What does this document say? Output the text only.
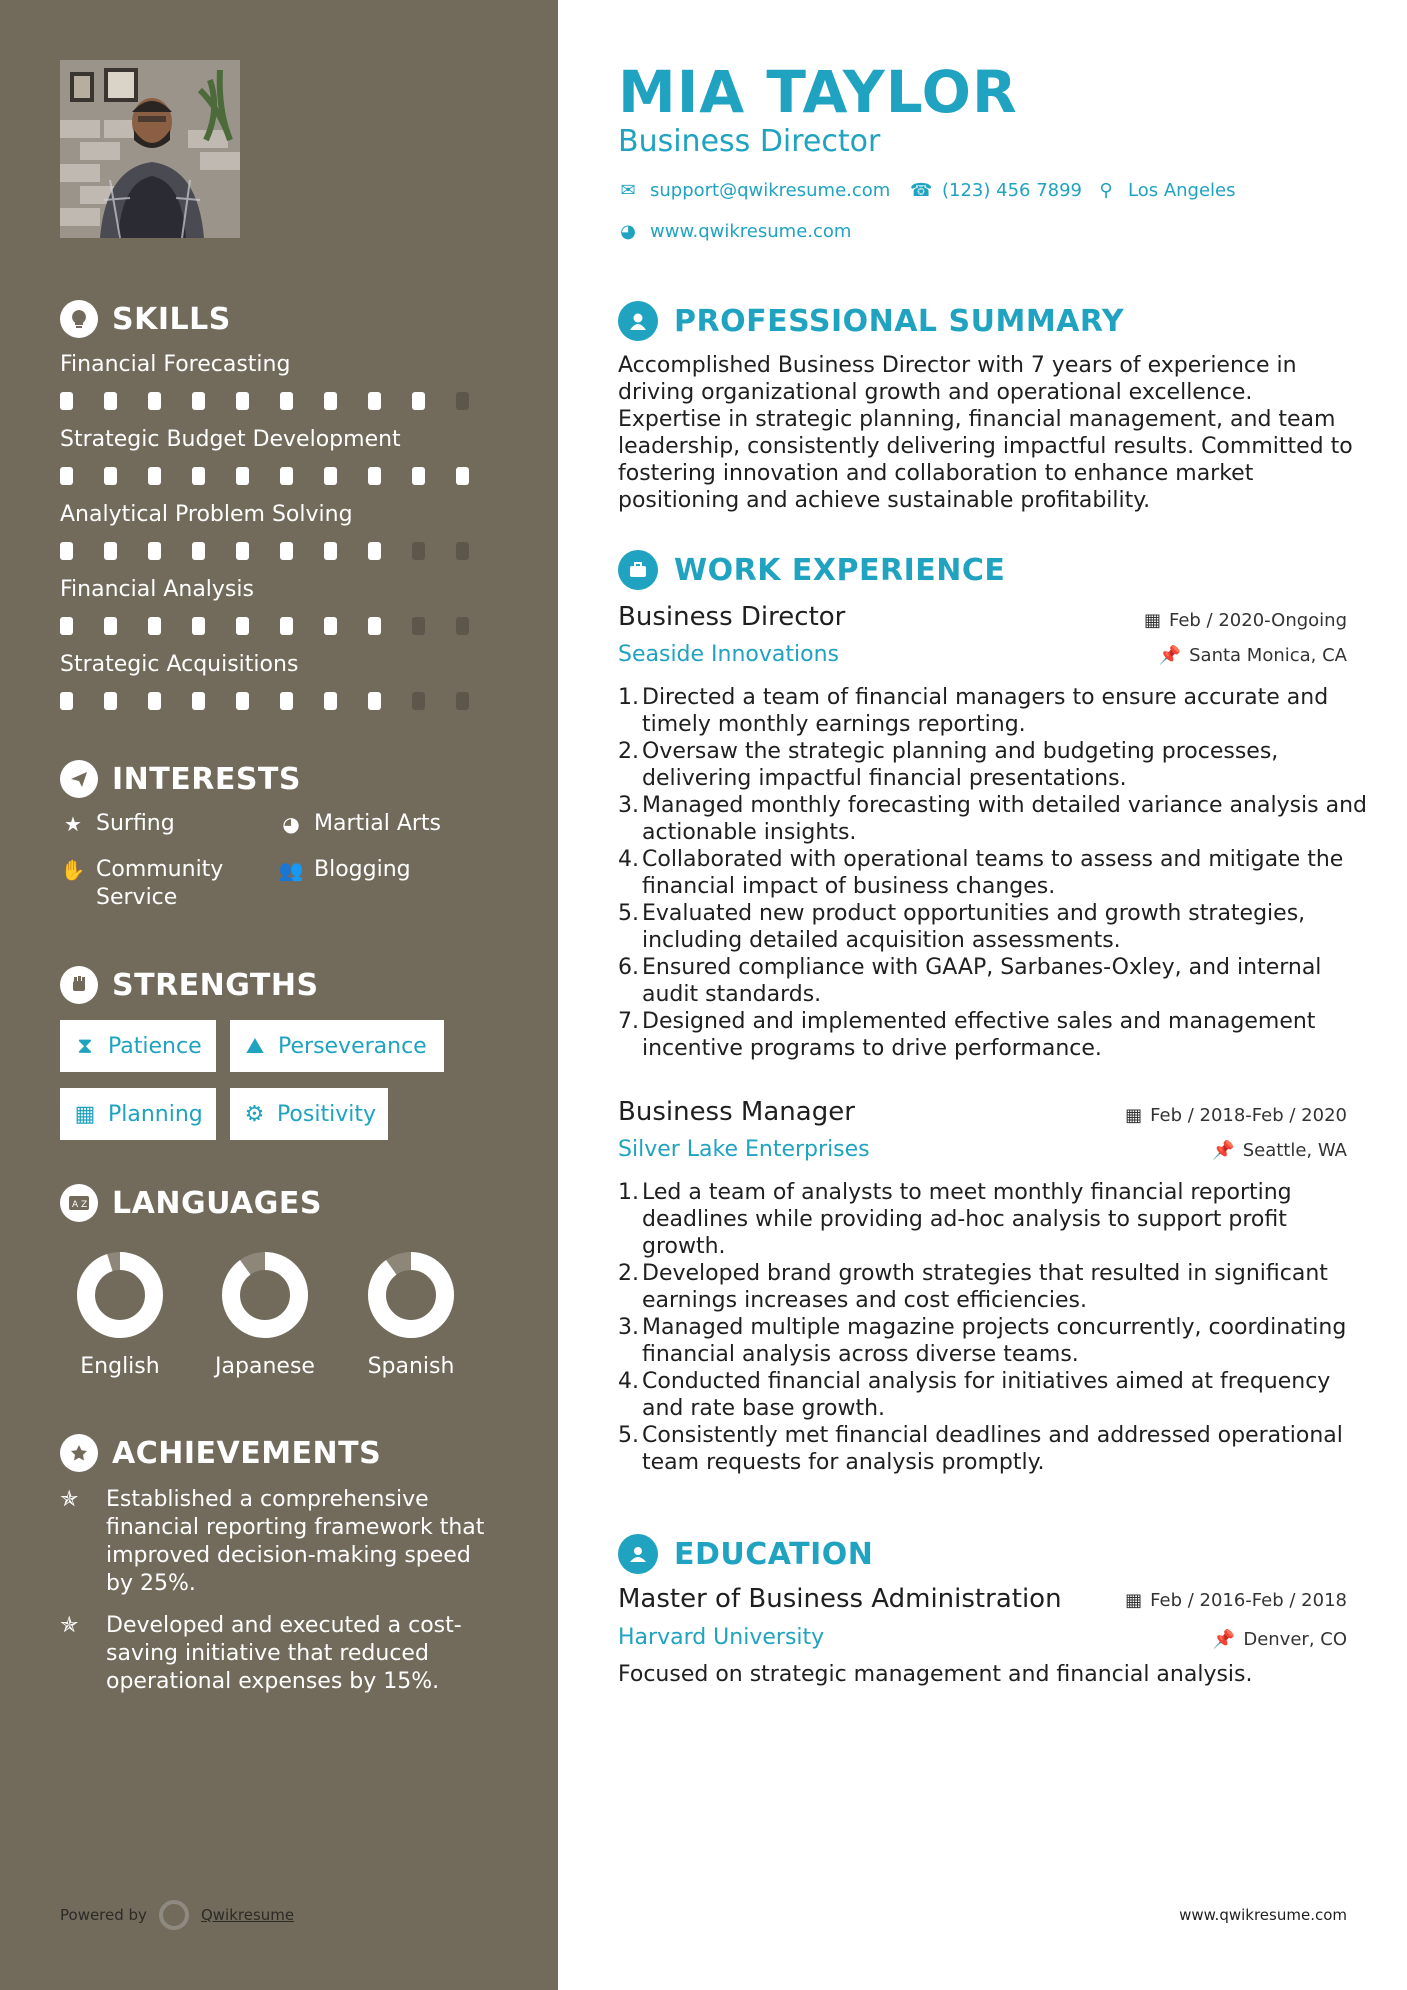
SKILLS
Financial Forecasting
Strategic Budget Development
Analytical Problem Solving
Financial Analysis
Strategic Acquisitions
INTERESTS
★ Surfing	◕ Martial Arts
✋ Community Service
👥 Blogging
STRENGTHS
⧗ Patience ⛰ Perseverance
▦ Planning ⚙ Positivity
A Z LANGUAGES
English	Japanese	Spanish
ACHIEVEMENTS
✯	Established a comprehensive financial reporting framework that improved decision-making speed by 25%.
✯	Developed and executed a cost-saving initiative that reduced operational expenses by 15%.
Powered by	Qwikresume
MIA TAYLOR
Business Director
✉ support@qwikresume.com ☎ (123) 456 7899 ⚲ Los Angeles
◕ www.qwikresume.com
PROFESSIONAL SUMMARY
Accomplished Business Director with 7 years of experience in driving organizational growth and operational excellence. Expertise in strategic planning, financial management, and team leadership, consistently delivering impactful results. Committed to fostering innovation and collaboration to enhance market positioning and achieve sustainable profitability.
WORK EXPERIENCE
Business Director	▦ Feb / 2020-Ongoing
Seaside Innovations	📌 Santa Monica, CA
1. Directed a team of financial managers to ensure accurate and timely monthly earnings reporting.
2. Oversaw the strategic planning and budgeting processes, delivering impactful financial presentations.
3. Managed monthly forecasting with detailed variance analysis and actionable insights.
4. Collaborated with operational teams to assess and mitigate the financial impact of business changes.
5. Evaluated new product opportunities and growth strategies, including detailed acquisition assessments.
6. Ensured compliance with GAAP, Sarbanes-Oxley, and internal audit standards.
7. Designed and implemented effective sales and management incentive programs to drive performance.
Business Manager	▦ Feb / 2018-Feb / 2020
Silver Lake Enterprises	📌 Seattle, WA
1. Led a team of analysts to meet monthly financial reporting deadlines while providing ad-hoc analysis to support profit growth.
2. Developed brand growth strategies that resulted in significant earnings increases and cost efficiencies.
3. Managed multiple magazine projects concurrently, coordinating financial analysis across diverse teams.
4. Conducted financial analysis for initiatives aimed at frequency and rate base growth.
5. Consistently met financial deadlines and addressed operational team requests for analysis promptly.
EDUCATION
Master of Business Administration	▦ Feb / 2016-Feb / 2018
Harvard University	📌 Denver, CO
Focused on strategic management and financial analysis.
www.qwikresume.com
